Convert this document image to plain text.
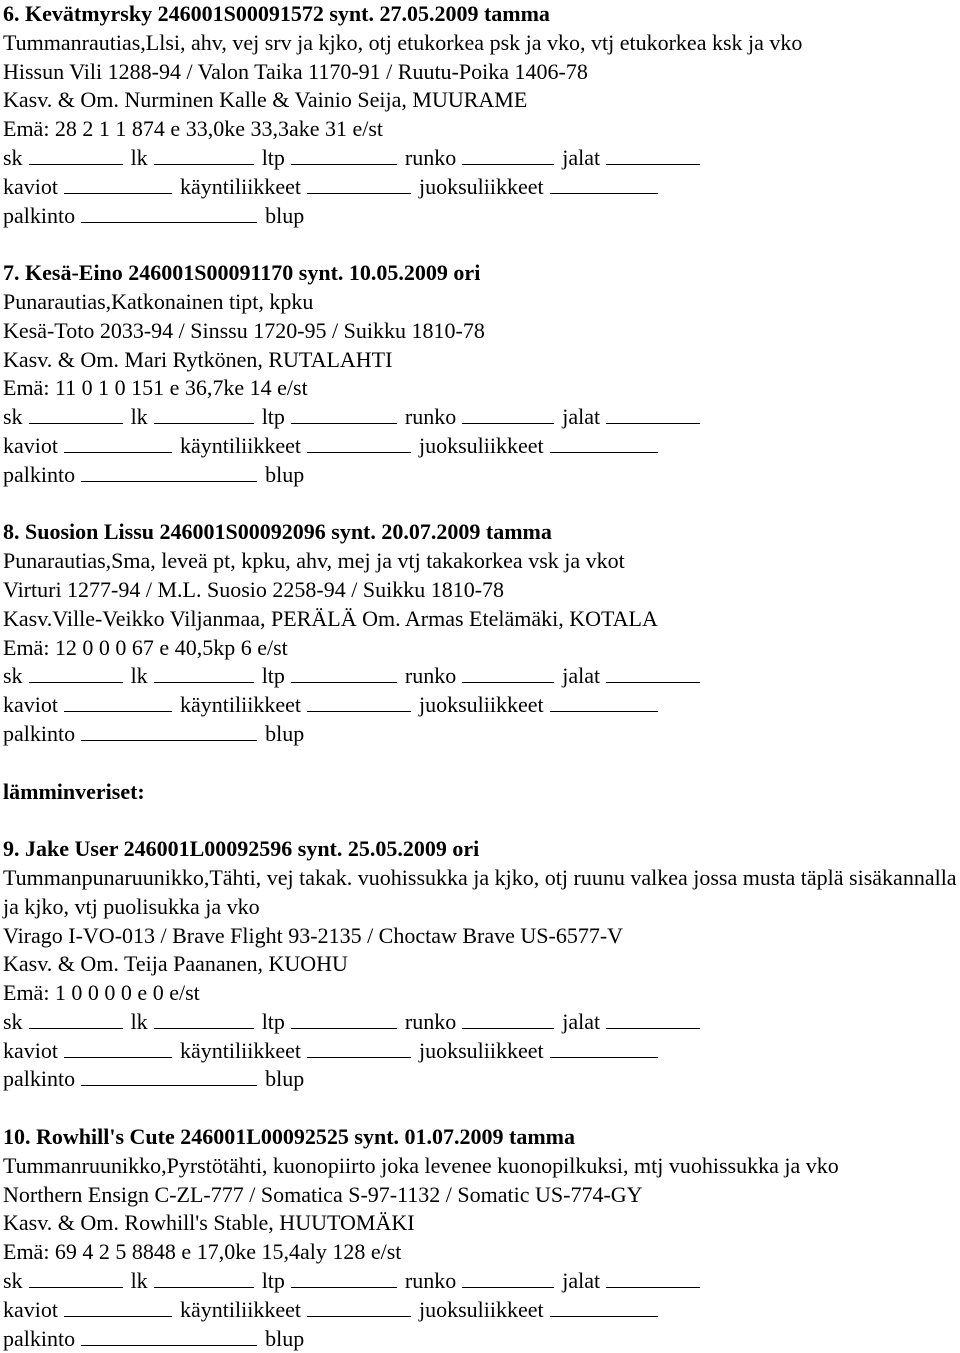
6. Kevätmyrsky 246001S00091572 synt. 27.05.2009 tamma
Tummanrautias,Llsi, ahv, vej srv ja kjko, otj etukorkea psk ja vko, vtj etukorkea ksk ja vko
Hissun Vili 1288-94 / Valon Taika 1170-91 / Ruutu-Poika 1406-78
Kasv. & Om. Nurminen Kalle & Vainio Seija, MUURAME
Emä: 28 2 1 1 874 e 33,0ke 33,3ake 31 e/st
sk	lk	ltp	runko	jalat
kaviot	käyntiliikkeet	juoksuliikkeet
palkinto	blup
7. Kesä-Eino 246001S00091170 synt. 10.05.2009 ori
Punarautias,Katkonainen tipt, kpku
Kesä-Toto 2033-94 / Sinssu 1720-95 / Suikku 1810-78
Kasv. & Om. Mari Rytkönen, RUTALAHTI
Emä: 11 0 1 0 151 e 36,7ke 14 e/st
sk	lk	ltp	runko	jalat
kaviot	käyntiliikkeet	juoksuliikkeet
palkinto	blup
8. Suosion Lissu 246001S00092096 synt. 20.07.2009 tamma
Punarautias,Sma, leveä pt, kpku, ahv, mej ja vtj takakorkea vsk ja vkot
Virturi 1277-94 / M.L. Suosio 2258-94 / Suikku 1810-78
Kasv.Ville-Veikko Viljanmaa, PERÄLÄ Om. Armas Etelämäki, KOTALA
Emä: 12 0 0 0 67 e 40,5kp 6 e/st
sk	lk	ltp	runko	jalat
kaviot	käyntiliikkeet	juoksuliikkeet
palkinto	blup
lämminveriset:
9. Jake User 246001L00092596 synt. 25.05.2009 ori
Tummanpunaruunikko,Tähti, vej takak. vuohissukka ja kjko, otj ruunu valkea jossa musta täplä sisäkannalla ja kjko, vtj puolisukka ja vko
Virago I-VO-013 / Brave Flight 93-2135 / Choctaw Brave US-6577-V
Kasv. & Om. Teija Paananen, KUOHU
Emä: 1 0 0 0 0 e 0 e/st
sk	lk	ltp	runko	jalat
kaviot	käyntiliikkeet	juoksuliikkeet
palkinto	blup
10. Rowhill's Cute 246001L00092525 synt. 01.07.2009 tamma
Tummanruunikko,Pyrstötähti, kuonopiirto joka levenee kuonopilkuksi, mtj vuohissukka ja vko
Northern Ensign C-ZL-777 / Somatica S-97-1132 / Somatic US-774-GY
Kasv. & Om. Rowhill's Stable, HUUTOMÄKI
Emä: 69 4 2 5 8848 e 17,0ke 15,4aly 128 e/st
sk	lk	ltp	runko	jalat
kaviot	käyntiliikkeet	juoksuliikkeet
palkinto	blup
